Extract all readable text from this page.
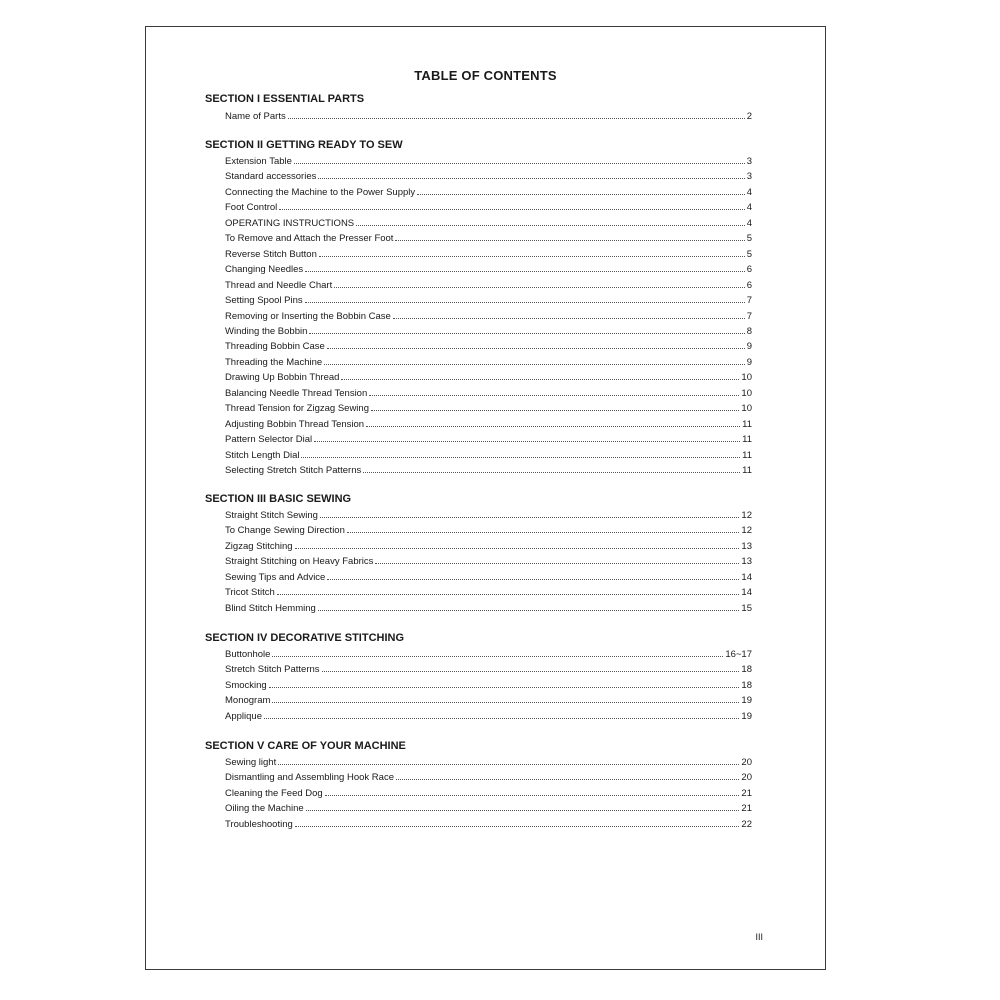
TABLE OF CONTENTS
III
SECTION I ESSENTIAL PARTS
Name of Parts	2
SECTION II GETTING READY TO SEW
Extension Table	3
Standard accessories	3
Connecting the Machine to the Power Supply	4
Foot Control	4
OPERATING INSTRUCTIONS	4
To Remove and Attach the Presser Foot	5
Reverse Stitch Button	5
Changing Needles	6
Thread and Needle Chart	6
Setting Spool Pins	7
Removing or Inserting the Bobbin Case	7
Winding the Bobbin	8
Threading Bobbin Case	9
Threading the Machine	9
Drawing Up Bobbin Thread	10
Balancing Needle Thread Tension	10
Thread Tension for Zigzag Sewing	10
Adjusting Bobbin Thread Tension	11
Pattern Selector Dial	11
Stitch Length Dial	11
Selecting Stretch Stitch Patterns	11
SECTION III BASIC SEWING
Straight Stitch Sewing	12
To Change Sewing Direction	12
Zigzag Stitching	13
Straight Stitching on Heavy Fabrics	13
Sewing Tips and Advice	14
Tricot Stitch	14
Blind Stitch Hemming	15
SECTION IV DECORATIVE STITCHING
Buttonhole	16~17
Stretch Stitch Patterns	18
Smocking	18
Monogram	19
Applique	19
SECTION V CARE OF YOUR MACHINE
Sewing light	20
Dismantling and Assembling Hook Race	20
Cleaning the Feed Dog	21
Oiling the Machine	21
Troubleshooting	22
